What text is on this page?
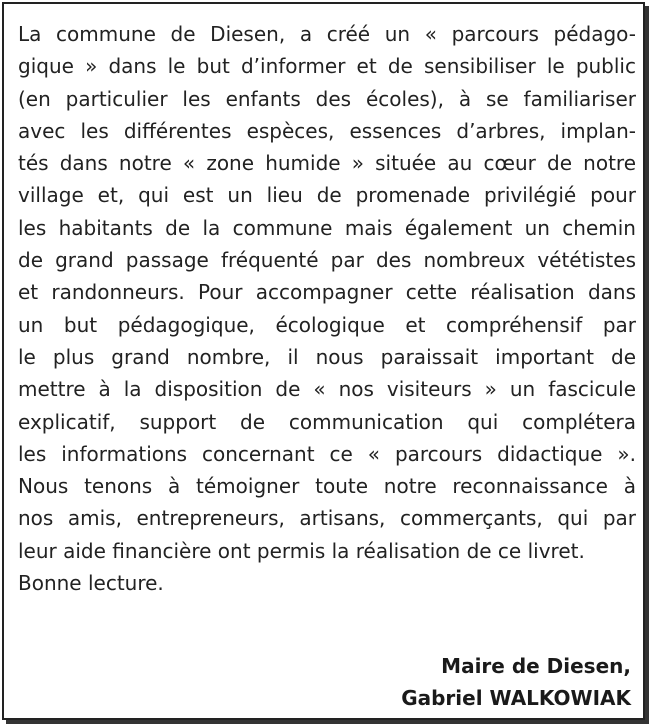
La commune de Diesen, a créé un « parcours pédago-
gique » dans le but d’informer et de sensibiliser le public
(en particulier les enfants des écoles), à se familiariser
avec les différentes espèces, essences d’arbres, implan-
tés dans notre « zone humide » située au cœur de notre
village et, qui est un lieu de promenade privilégié pour
les habitants de la commune mais également un chemin
de grand passage fréquenté par des nombreux vététistes
et randonneurs. Pour accompagner cette réalisation dans
un but pédagogique, écologique et compréhensif par
le plus grand nombre, il nous paraissait important de
mettre à la disposition de « nos visiteurs » un fascicule
explicatif, support de communication qui complétera
les informations concernant ce « parcours didactique ».
Nous tenons à témoigner toute notre reconnaissance à
nos amis, entrepreneurs, artisans, commerçants, qui par
leur aide financière ont permis la réalisation de ce livret.
Bonne lecture.
Maire de Diesen,
Gabriel WALKOWIAK
